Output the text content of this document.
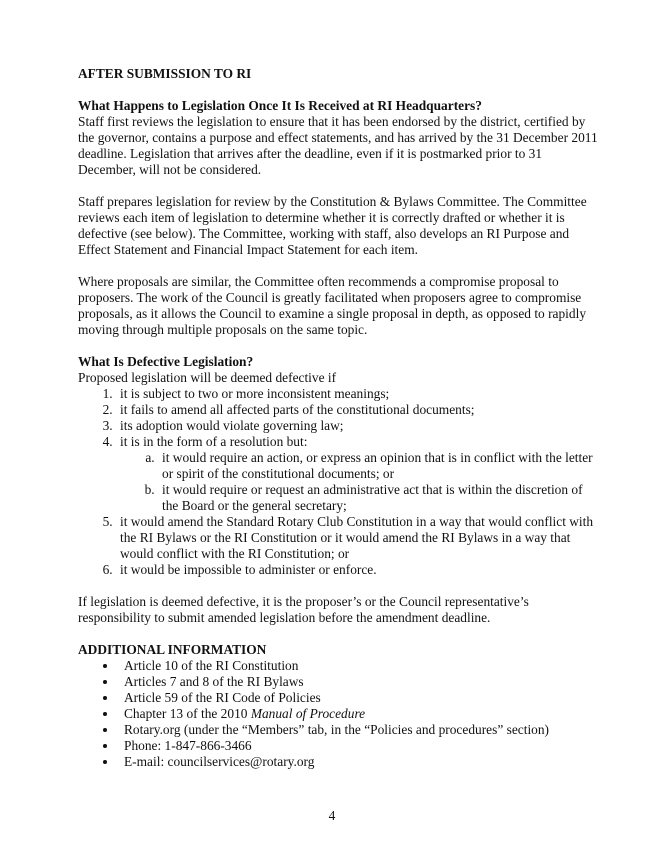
AFTER SUBMISSION TO RI

What Happens to Legislation Once It Is Received at RI Headquarters?

Staff first reviews the legislation to ensure that it has been endorsed by the district, certified by the governor, contains a purpose and effect statements, and has arrived by the 31 December 2011 deadline. Legislation that arrives after the deadline, even if it is postmarked prior to 31 December, will not be considered.

Staff prepares legislation for review by the Constitution & Bylaws Committee. The Committee reviews each item of legislation to determine whether it is correctly drafted or whether it is defective (see below). The Committee, working with staff, also develops an RI Purpose and Effect Statement and Financial Impact Statement for each item.

Where proposals are similar, the Committee often recommends a compromise proposal to proposers. The work of the Council is greatly facilitated when proposers agree to compromise proposals, as it allows the Council to examine a single proposal in depth, as opposed to rapidly moving through multiple proposals on the same topic.

What Is Defective Legislation?

Proposed legislation will be deemed defective if

1. it is subject to two or more inconsistent meanings;
2. it fails to amend all affected parts of the constitutional documents;
3. its adoption would violate governing law;
4. it is in the form of a resolution but:
a. it would require an action, or express an opinion that is in conflict with the letter or spirit of the constitutional documents; or
b. it would require or request an administrative act that is within the discretion of the Board or the general secretary;
5. it would amend the Standard Rotary Club Constitution in a way that would conflict with the RI Bylaws or the RI Constitution or it would amend the RI Bylaws in a way that would conflict with the RI Constitution; or
6. it would be impossible to administer or enforce.

If legislation is deemed defective, it is the proposer’s or the Council representative’s responsibility to submit amended legislation before the amendment deadline.

ADDITIONAL INFORMATION

• Article 10 of the RI Constitution
• Articles 7 and 8 of the RI Bylaws
• Article 59 of the RI Code of Policies
• Chapter 13 of the 2010 Manual of Procedure
• Rotary.org (under the “Members” tab, in the “Policies and procedures” section)
• Phone: 1-847-866-3466
• E-mail: councilservices@rotary.org
4
